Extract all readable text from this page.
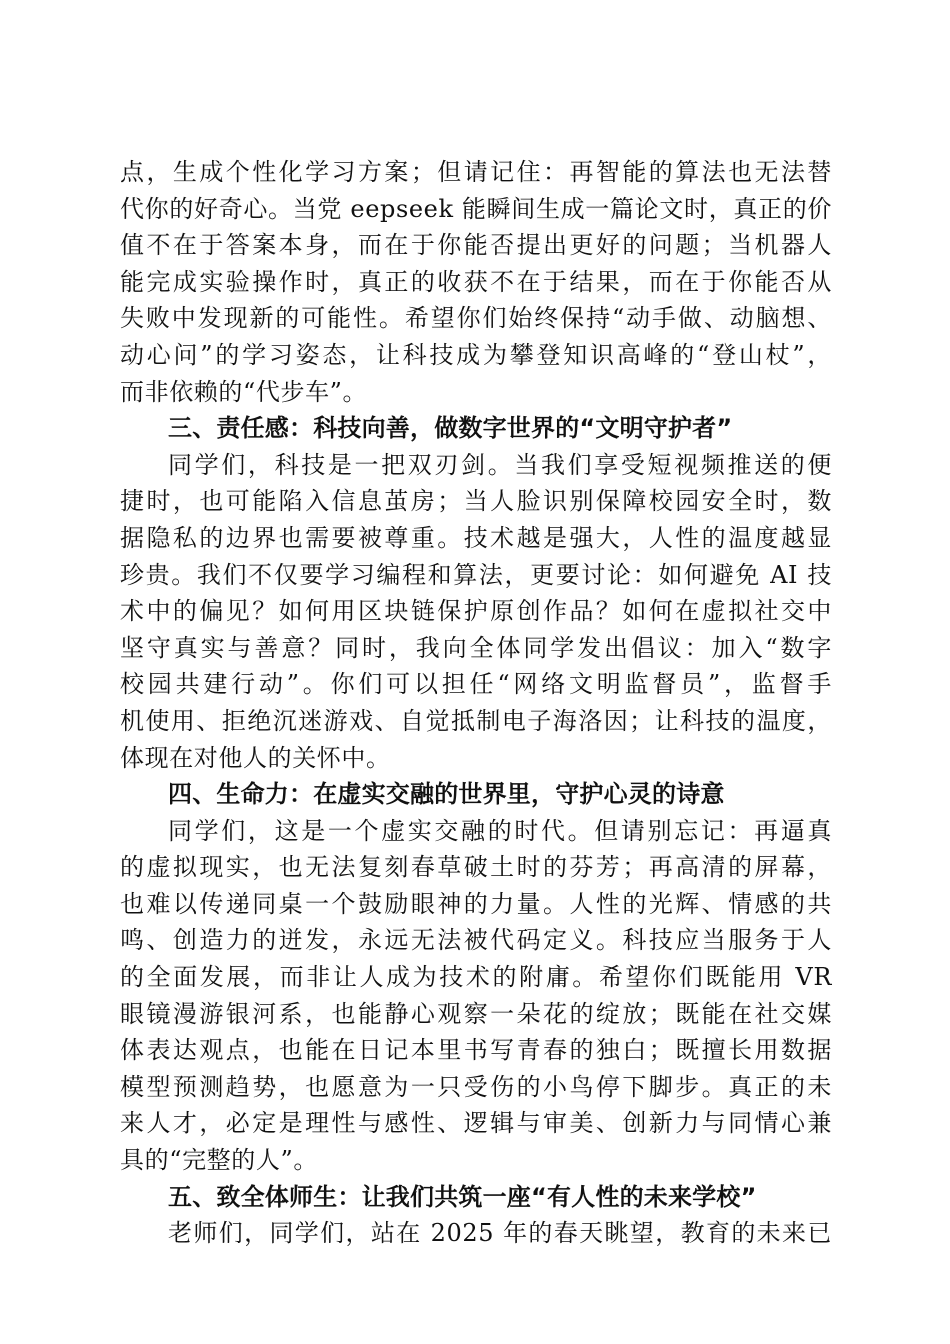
点，生成个性化学习方案；但请记住：再智能的算法也无法替
代你的好奇心。当党 eepseek 能瞬间生成一篇论文时，真正的价
值不在于答案本身，而在于你能否提出更好的问题；当机器人
能完成实验操作时，真正的收获不在于结果，而在于你能否从
失败中发现新的可能性。希望你们始终保持“动手做、动脑想、
动心问”的学习姿态，让科技成为攀登知识高峰的“登山杖”，
而非依赖的“代步车”。
三、责任感：科技向善，做数字世界的“文明守护者”
同学们，科技是一把双刃剑。当我们享受短视频推送的便
捷时，也可能陷入信息茧房；当人脸识别保障校园安全时，数
据隐私的边界也需要被尊重。技术越是强大，人性的温度越显
珍贵。我们不仅要学习编程和算法，更要讨论：如何避免 AI 技
术中的偏见？如何用区块链保护原创作品？如何在虚拟社交中
坚守真实与善意？同时，我向全体同学发出倡议：加入“数字
校园共建行动”。你们可以担任“网络文明监督员”，监督手
机使用、拒绝沉迷游戏、自觉抵制电子海洛因；让科技的温度，
体现在对他人的关怀中。
四、生命力：在虚实交融的世界里，守护心灵的诗意
同学们，这是一个虚实交融的时代。但请别忘记：再逼真
的虚拟现实，也无法复刻春草破土时的芬芳；再高清的屏幕，
也难以传递同桌一个鼓励眼神的力量。人性的光辉、情感的共
鸣、创造力的迸发，永远无法被代码定义。科技应当服务于人
的全面发展，而非让人成为技术的附庸。希望你们既能用 VR
眼镜漫游银河系，也能静心观察一朵花的绽放；既能在社交媒
体表达观点，也能在日记本里书写青春的独白；既擅长用数据
模型预测趋势，也愿意为一只受伤的小鸟停下脚步。真正的未
来人才，必定是理性与感性、逻辑与审美、创新力与同情心兼
具的“完整的人”。
五、致全体师生：让我们共筑一座“有人性的未来学校”
老师们，同学们，站在 2025 年的春天眺望，教育的未来已
